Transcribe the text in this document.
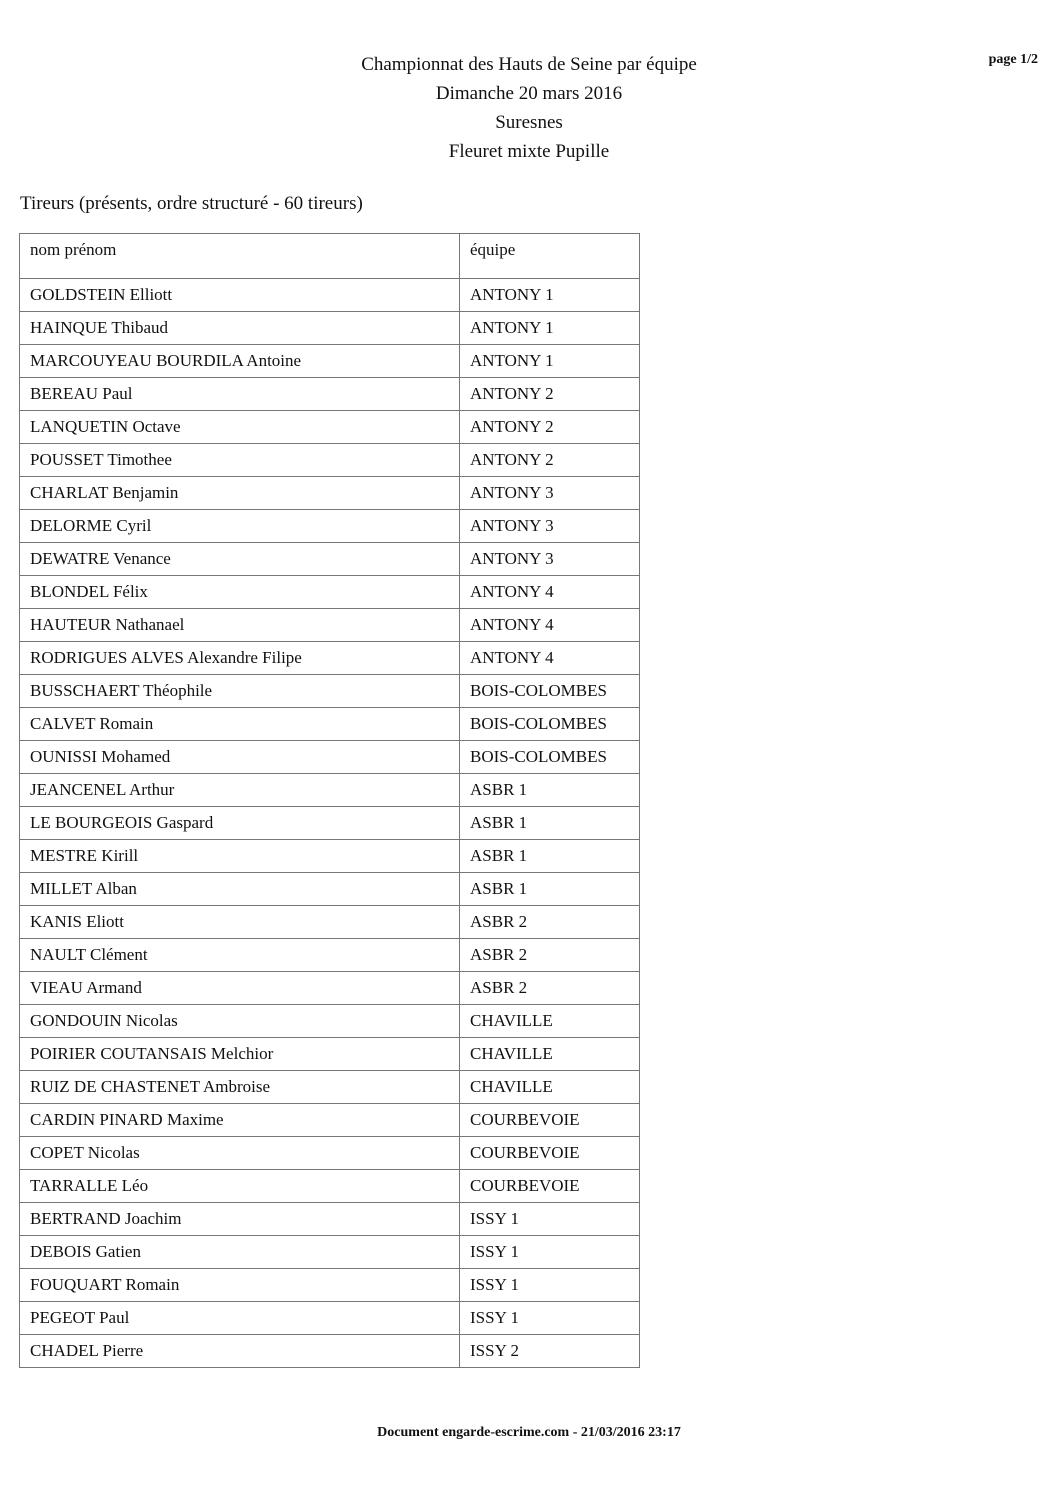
Championnat des Hauts de Seine par équipe
Dimanche 20 mars 2016
Suresnes
Fleuret mixte Pupille
page 1/2
Tireurs (présents, ordre structuré - 60 tireurs)
nom prénom	équipe
GOLDSTEIN Elliott	ANTONY 1
HAINQUE Thibaud	ANTONY 1
MARCOUYEAU BOURDILA Antoine	ANTONY 1
BEREAU Paul	ANTONY 2
LANQUETIN Octave	ANTONY 2
POUSSET Timothee	ANTONY 2
CHARLAT Benjamin	ANTONY 3
DELORME Cyril	ANTONY 3
DEWATRE Venance	ANTONY 3
BLONDEL Félix	ANTONY 4
HAUTEUR Nathanael	ANTONY 4
RODRIGUES ALVES Alexandre Filipe	ANTONY 4
BUSSCHAERT Théophile	BOIS-COLOMBES
CALVET Romain	BOIS-COLOMBES
OUNISSI Mohamed	BOIS-COLOMBES
JEANCENEL Arthur	ASBR 1
LE BOURGEOIS Gaspard	ASBR 1
MESTRE Kirill	ASBR 1
MILLET Alban	ASBR 1
KANIS Eliott	ASBR 2
NAULT Clément	ASBR 2
VIEAU Armand	ASBR 2
GONDOUIN Nicolas	CHAVILLE
POIRIER COUTANSAIS Melchior	CHAVILLE
RUIZ DE CHASTENET Ambroise	CHAVILLE
CARDIN PINARD Maxime	COURBEVOIE
COPET Nicolas	COURBEVOIE
TARRALLE Léo	COURBEVOIE
BERTRAND Joachim	ISSY 1
DEBOIS Gatien	ISSY 1
FOUQUART Romain	ISSY 1
PEGEOT Paul	ISSY 1
CHADEL Pierre	ISSY 2
Document engarde-escrime.com - 21/03/2016 23:17
